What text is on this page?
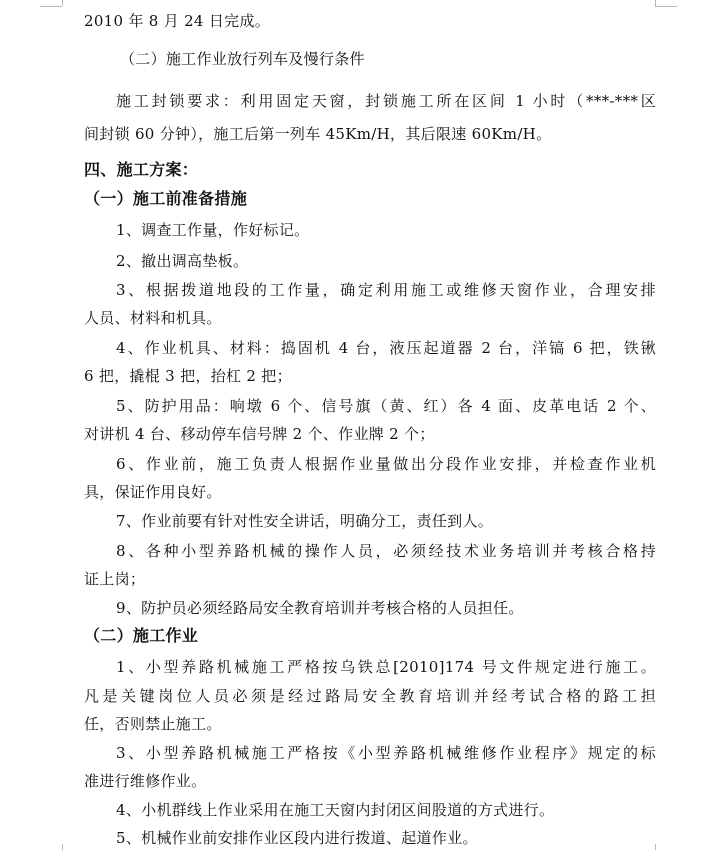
2010 年 8 月 24 日完成。
（二）施工作业放行列车及慢行条件
施工封锁要求：利用固定天窗，封锁施工所在区间 1 小时（***-***区
间封锁 60 分钟），施工后第一列车 45Km/H，其后限速 60Km/H。
四、施工方案：
（一）施工前准备措施
1、调查工作量，作好标记。
2、撤出调高垫板。
3、根据拨道地段的工作量，确定利用施工或维修天窗作业，合理安排
人员、材料和机具。
4、作业机具、材料：捣固机 4 台，液压起道器 2 台，洋镐 6 把，铁锹
6 把，撬棍 3 把，抬杠 2 把；
5、防护用品：响墩 6 个、信号旗（黄、红）各 4 面、皮革电话 2 个、
对讲机 4 台、移动停车信号牌 2 个、作业牌 2 个；
6、作业前，施工负责人根据作业量做出分段作业安排，并检查作业机
具，保证作用良好。
7、作业前要有针对性安全讲话，明确分工，责任到人。
8、各种小型养路机械的操作人员，必须经技术业务培训并考核合格持
证上岗；
9、防护员必须经路局安全教育培训并考核合格的人员担任。
（二）施工作业
1、小型养路机械施工严格按乌铁总[2010]174 号文件规定进行施工。
凡是关键岗位人员必须是经过路局安全教育培训并经考试合格的路工担
任，否则禁止施工。
3、小型养路机械施工严格按《小型养路机械维修作业程序》规定的标
准进行维修作业。
4、小机群线上作业采用在施工天窗内封闭区间股道的方式进行。
5、机械作业前安排作业区段内进行拨道、起道作业。
